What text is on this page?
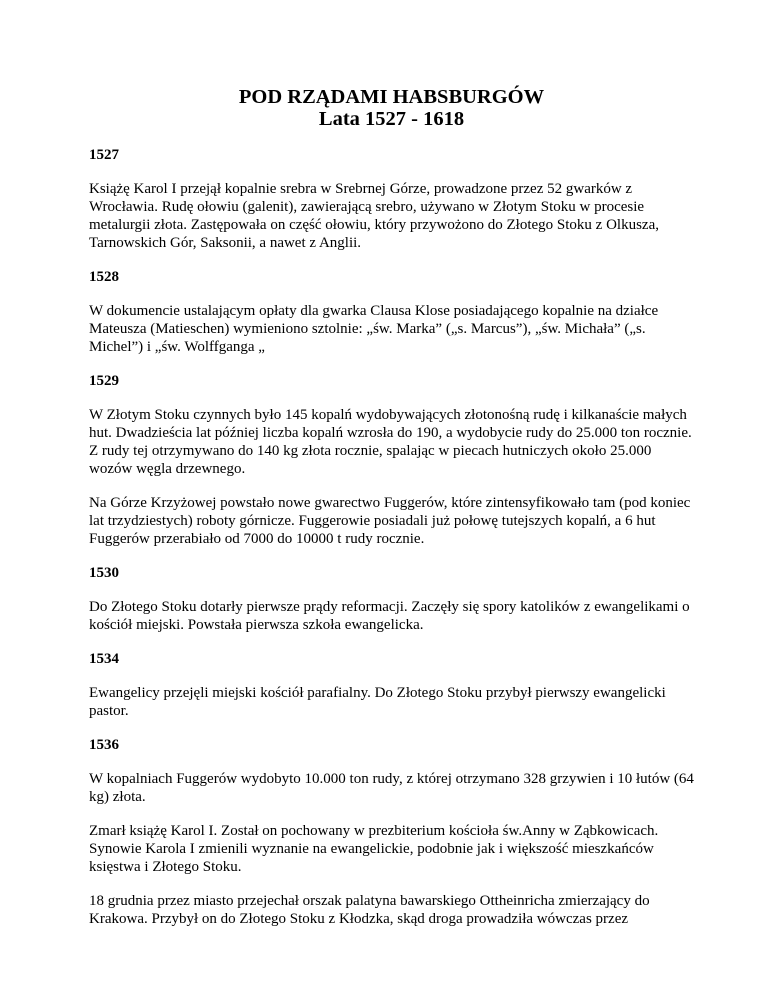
POD RZĄDAMI HABSBURGÓW
Lata 1527 - 1618
1527

Książę Karol I przejął kopalnie srebra w Srebrnej Górze, prowadzone przez 52 gwarków z Wrocławia. Rudę ołowiu (galenit), zawierającą srebro, używano w Złotym Stoku w procesie metalurgii złota. Zastępowała on część ołowiu, który przywożono do Złotego Stoku z Olkusza, Tarnowskich Gór, Saksonii, a nawet z Anglii.

1528

W dokumencie ustalającym opłaty dla gwarka Clausa Klose posiadającego kopalnie na działce Mateusza (Matieschen) wymieniono sztolnie: „św. Marka” („s. Marcus”), „św. Michała” („s. Michel”) i „św. Wolffganga „

1529

W Złotym Stoku czynnych było 145 kopalń wydobywających złotonośną rudę i kilkanaście małych hut. Dwadzieścia lat później liczba kopalń wzrosła do 190, a wydobycie rudy do 25.000 ton rocznie. Z rudy tej otrzymywano do 140 kg złota rocznie, spalając w piecach hutniczych około 25.000 wozów węgla drzewnego.

Na Górze Krzyżowej powstało nowe gwarectwo Fuggerów, które zintensyfikowało tam (pod koniec lat trzydziestych) roboty górnicze. Fuggerowie posiadali już połowę tutejszych kopalń, a 6 hut Fuggerów przerabiało od 7000 do 10000 t rudy rocznie.

1530

Do Złotego Stoku dotarły pierwsze prądy reformacji. Zaczęły się spory katolików z ewangelikami o kościół miejski. Powstała pierwsza szkoła ewangelicka.

1534

Ewangelicy przejęli miejski kościół parafialny. Do Złotego Stoku przybył pierwszy ewangelicki pastor.

1536

W kopalniach Fuggerów wydobyto 10.000 ton rudy, z której otrzymano 328 grzywien i 10 łutów (64 kg) złota.

Zmarł książę Karol I. Został on pochowany w prezbiterium kościoła św.Anny w Ząbkowicach. Synowie Karola I zmienili wyznanie na ewangelickie, podobnie jak i większość mieszkańców księstwa i Złotego Stoku.

18 grudnia przez miasto przejechał orszak palatyna bawarskiego Ottheinricha zmierzający do Krakowa. Przybył on do Złotego Stoku z Kłodzka, skąd droga prowadziła wówczas przez
